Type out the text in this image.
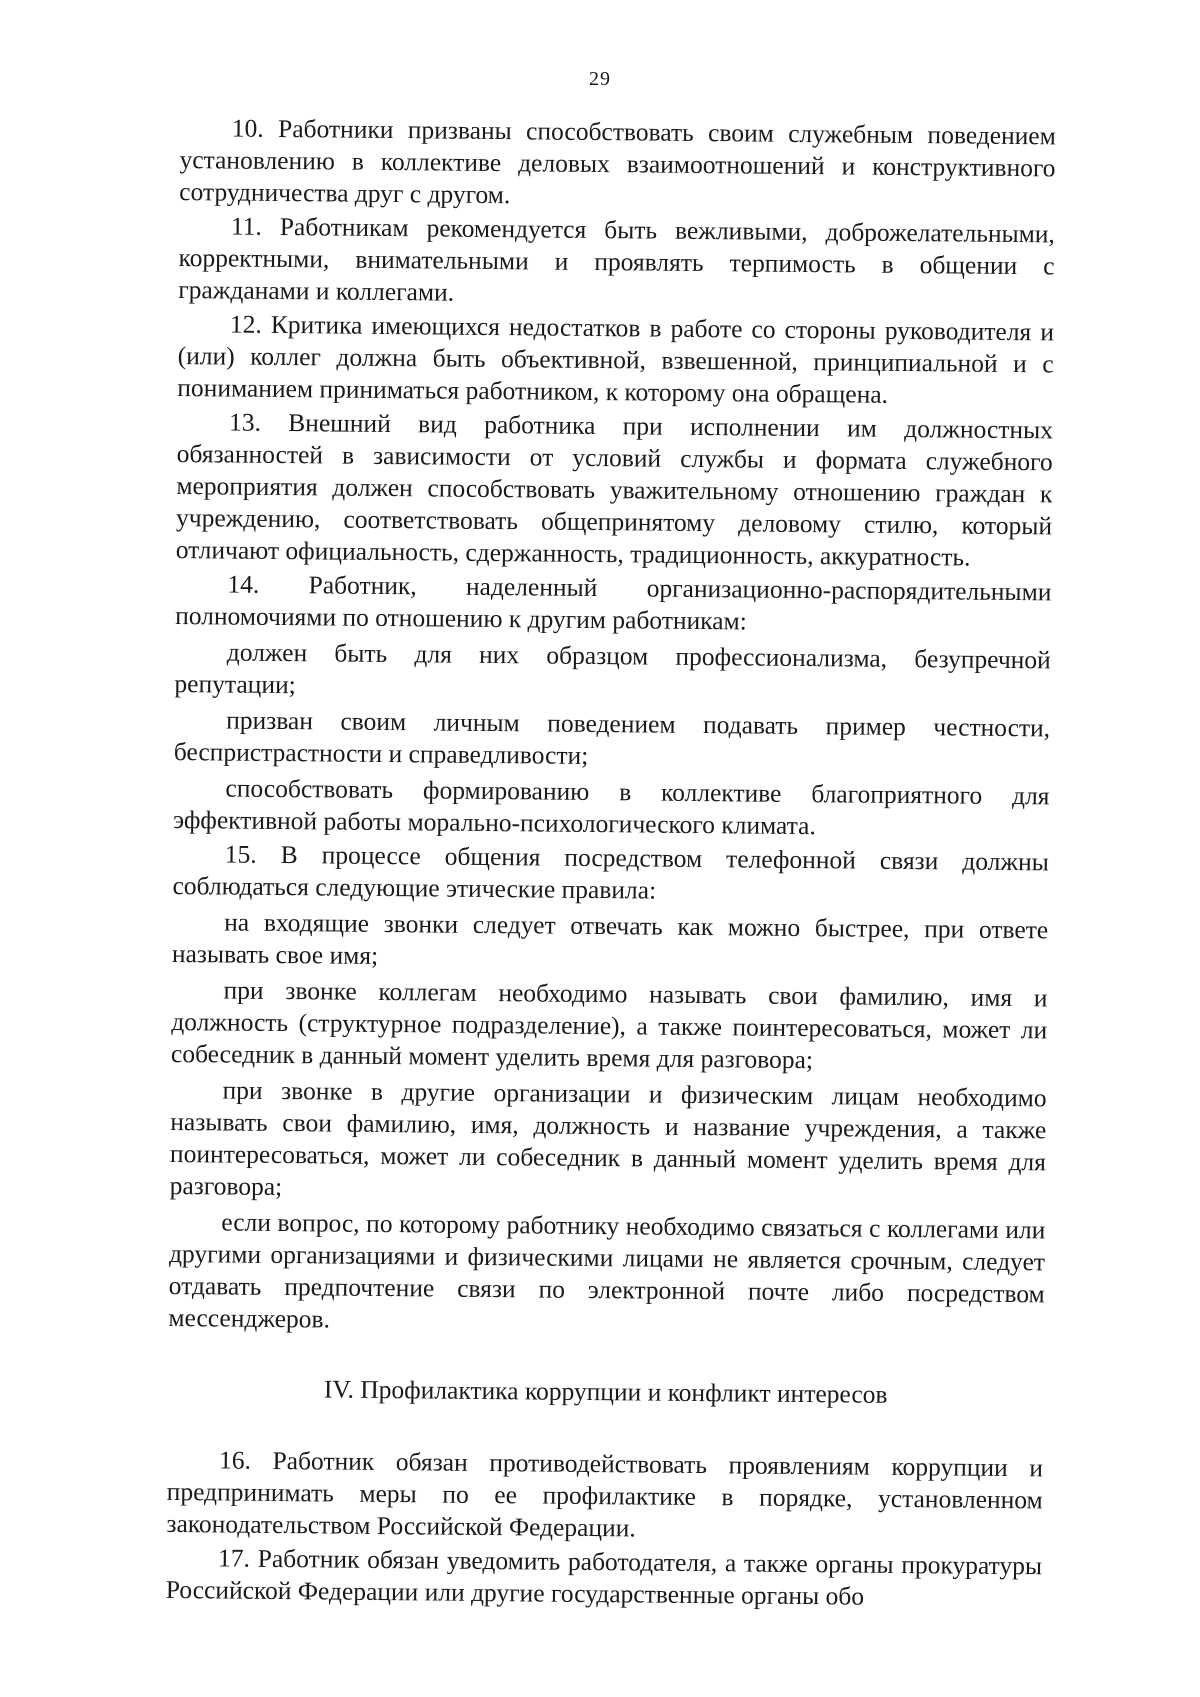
29

10. Работники призваны способствовать своим служебным поведением установлению в коллективе деловых взаимоотношений и конструктивного сотрудничества друг с другом.

11. Работникам рекомендуется быть вежливыми, доброжелательными, корректными, внимательными и проявлять терпимость в общении с гражданами и коллегами.

12. Критика имеющихся недостатков в работе со стороны руководителя и (или) коллег должна быть объективной, взвешенной, принципиальной и с пониманием приниматься работником, к которому она обращена.

13. Внешний вид работника при исполнении им должностных обязанностей в зависимости от условий службы и формата служебного мероприятия должен способствовать уважительному отношению граждан к учреждению, соответствовать общепринятому деловому стилю, который отличают официальность, сдержанность, традиционность, аккуратность.

14. Работник, наделенный организационно-распорядительными полномочиями по отношению к другим работникам:

должен быть для них образцом профессионализма, безупречной репутации;

призван своим личным поведением подавать пример честности, беспристрастности и справедливости;

способствовать формированию в коллективе благоприятного для эффективной работы морально-психологического климата.

15. В процессе общения посредством телефонной связи должны соблюдаться следующие этические правила:

на входящие звонки следует отвечать как можно быстрее, при ответе называть свое имя;

при звонке коллегам необходимо называть свои фамилию, имя и должность (структурное подразделение), а также поинтересоваться, может ли собеседник в данный момент уделить время для разговора;

при звонке в другие организации и физическим лицам необходимо называть свои фамилию, имя, должность и название учреждения, а также поинтересоваться, может ли собеседник в данный момент уделить время для разговора;

если вопрос, по которому работнику необходимо связаться с коллегами или другими организациями и физическими лицами не является срочным, следует отдавать предпочтение связи по электронной почте либо посредством мессенджеров.

IV. Профилактика коррупции и конфликт интересов

16. Работник обязан противодействовать проявлениям коррупции и предпринимать меры по ее профилактике в порядке, установленном законодательством Российской Федерации.

17. Работник обязан уведомить работодателя, а также органы прокуратуры Российской Федерации или другие государственные органы обо
